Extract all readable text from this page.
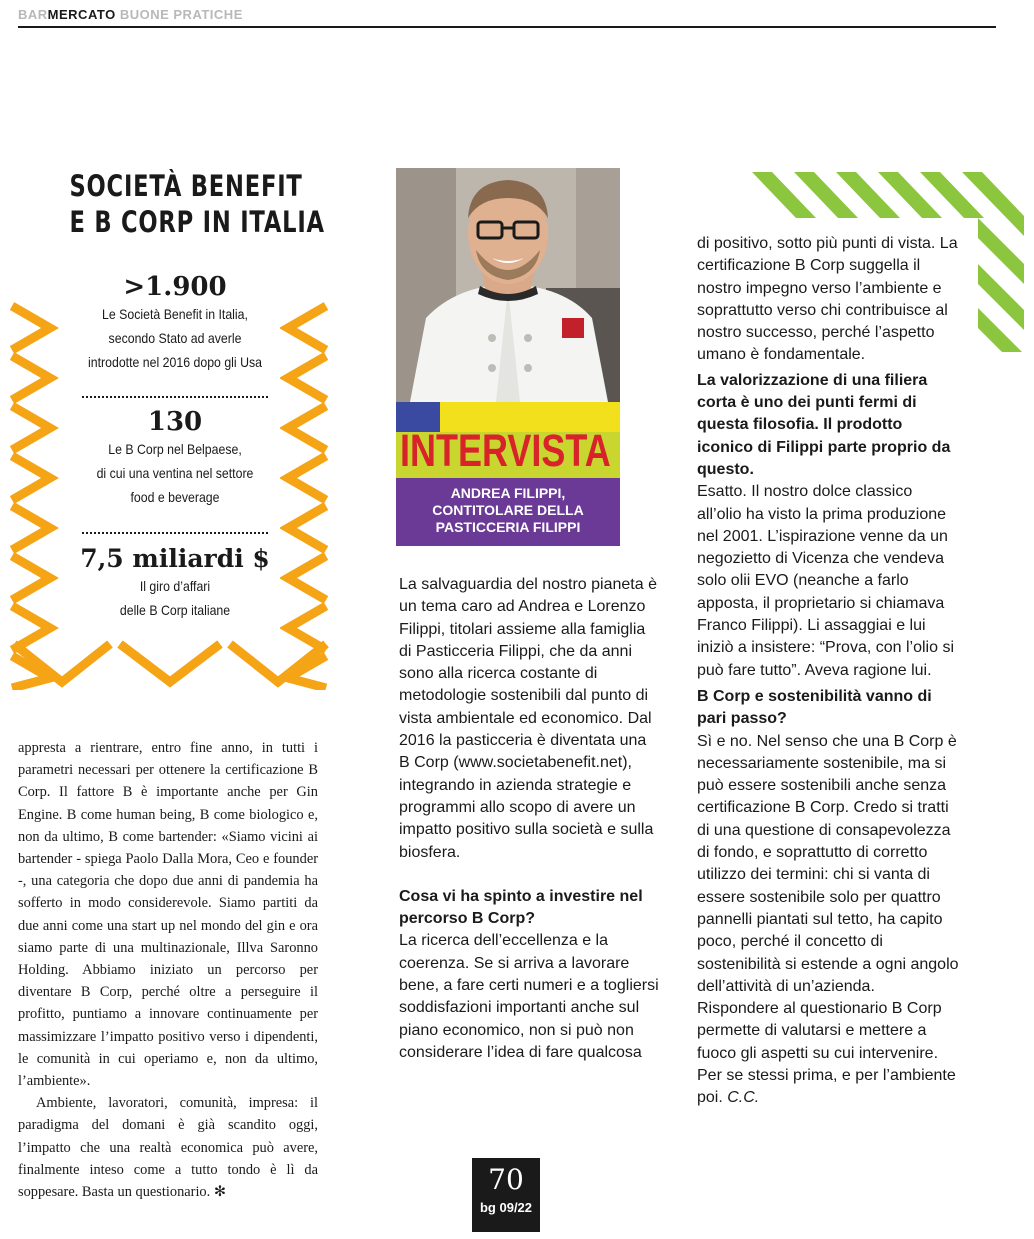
BARMERCATO BUONE PRATICHE
SOCIETÀ BENEFIT
E B CORP IN ITALIA
>1.900
Le Società Benefit in Italia,
secondo Stato ad averle
introdotte nel 2016 dopo gli Usa
130
Le B Corp nel Belpaese,
di cui una ventina nel settore
food e beverage
7,5 miliardi $
Il giro d’affari
delle B Corp italiane

appresta a rientrare, entro fine anno, in tutti i parametri necessari per ottenere la certificazione B Corp. Il fattore B è importante anche per Gin Engine. B come human being, B come biologico e, non da ultimo, B come bartender: «Siamo vicini ai bartender - spiega Paolo Dalla Mora, Ceo e founder -, una categoria che dopo due anni di pandemia ha sofferto in modo considerevole. Siamo partiti da due anni come una start up nel mondo del gin e ora siamo parte di una multinazionale, Illva Saronno Holding. Abbiamo iniziato un percorso per diventare B Corp, perché oltre a perseguire il profitto, puntiamo a innovare continuamente per massimizzare l’impatto positivo verso i dipendenti, le comunità in cui operiamo e, non da ultimo, l’ambiente».

Ambiente, lavoratori, comunità, impresa: il paradigma del domani è già scandito oggi, l’impatto che una realtà economica può avere, finalmente inteso come a tutto tondo è lì da soppesare. Basta un questionario. ✻

INTERVISTA
ANDREA FILIPPI,
CONTITOLARE DELLA
PASTICCERIA FILIPPI

La salvaguardia del nostro pianeta è un tema caro ad Andrea e Lorenzo Filippi, titolari assieme alla famiglia di Pasticceria Filippi, che da anni sono alla ricerca costante di metodologie sostenibili dal punto di vista ambientale ed economico. Dal 2016 la pasticceria è diventata una B Corp (www.societabenefit.net), integrando in azienda strategie e programmi allo scopo di avere un impatto positivo sulla società e sulla biosfera.

Cosa vi ha spinto a investire nel percorso B Corp?

La ricerca dell’eccellenza e la coerenza. Se si arriva a lavorare bene, a fare certi numeri e a togliersi soddisfazioni importanti anche sul piano economico, non si può non considerare l’idea di fare qualcosa

di positivo, sotto più punti di vista. La certificazione B Corp suggella il nostro impegno verso l’ambiente e soprattutto verso chi contribuisce al nostro successo, perché l’aspetto umano è fondamentale.

La valorizzazione di una filiera corta è uno dei punti fermi di questa filosofia. Il prodotto iconico di Filippi parte proprio da questo.

Esatto. Il nostro dolce classico all’olio ha visto la prima produzione nel 2001. L’ispirazione venne da un negozietto di Vicenza che vendeva solo olii EVO (neanche a farlo apposta, il proprietario si chiamava Franco Filippi). Li assaggiai e lui iniziò a insistere: “Prova, con l’olio si può fare tutto”. Aveva ragione lui.

B Corp e sostenibilità vanno di pari passo?

Sì e no. Nel senso che una B Corp è necessariamente sostenibile, ma si può essere sostenibili anche senza certificazione B Corp. Credo si tratti di una questione di consapevolezza di fondo, e soprattutto di corretto utilizzo dei termini: chi si vanta di essere sostenibile solo per quattro pannelli piantati sul tetto, ha capito poco, perché il concetto di sostenibilità si estende a ogni angolo dell’attività di un’azienda. Rispondere al questionario B Corp permette di valutarsi e mettere a fuoco gli aspetti su cui intervenire. Per se stessi prima, e per l’ambiente poi. C.C.

70
bg 09/22
